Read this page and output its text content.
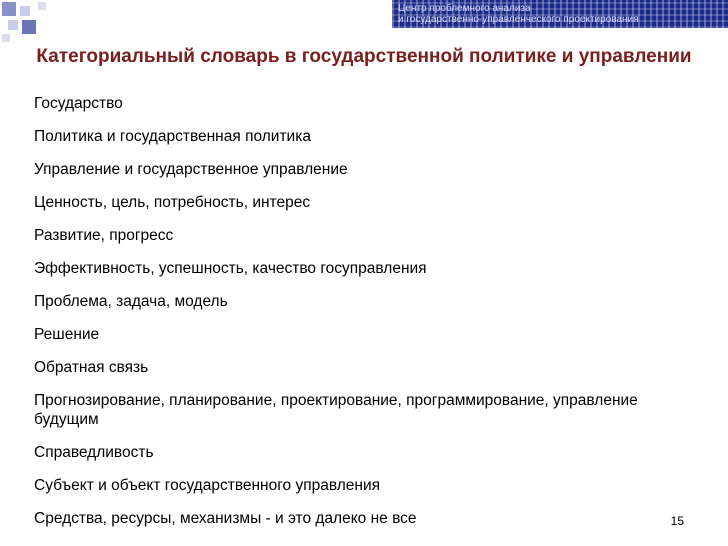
Центр проблемного анализа
и государственно-управленческого проектирования
Категориальный словарь в государственной политике и управлении
Государство
Политика и государственная политика
Управление и государственное управление
Ценность, цель, потребность, интерес
Развитие, прогресс
Эффективность, успешность, качество госуправления
Проблема, задача, модель
Решение
Обратная связь
Прогнозирование, планирование, проектирование, программирование, управление будущим
Справедливость
Субъект и объект государственного управления
Средства, ресурсы, механизмы - и это далеко не все	15
